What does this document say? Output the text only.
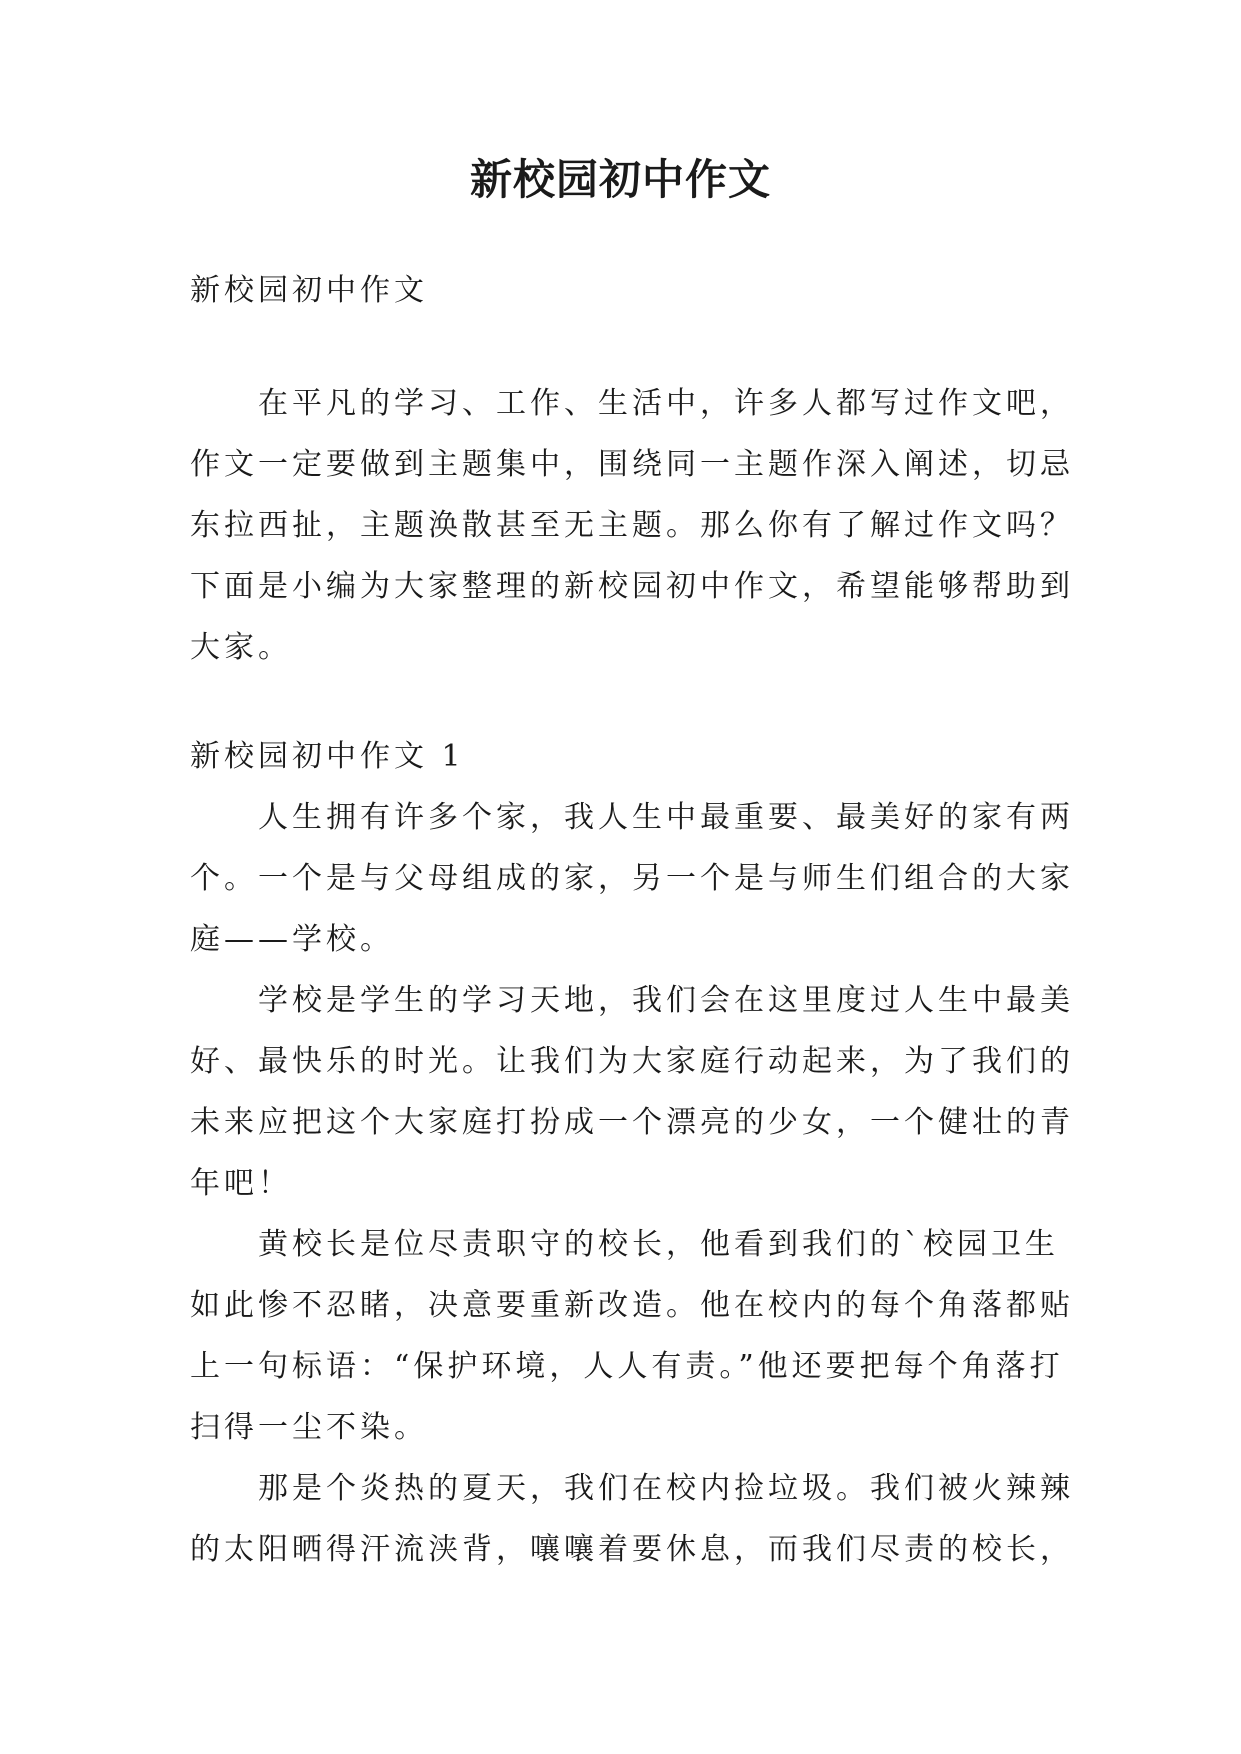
新校园初中作文

新校园初中作文

在平凡的学习、工作、生活中，许多人都写过作文吧，作文一定要做到主题集中，围绕同一主题作深入阐述，切忌东拉西扯，主题涣散甚至无主题。那么你有了解过作文吗？下面是小编为大家整理的新校园初中作文，希望能够帮助到大家。

新校园初中作文 1

人生拥有许多个家，我人生中最重要、最美好的家有两个。一个是与父母组成的家，另一个是与师生们组合的大家庭——学校。

学校是学生的学习天地，我们会在这里度过人生中最美好、最快乐的时光。让我们为大家庭行动起来，为了我们的未来应把这个大家庭打扮成一个漂亮的少女，一个健壮的青年吧！

黄校长是位尽责职守的校长，他看到我们的`校园卫生如此惨不忍睹，决意要重新改造。他在校内的每个角落都贴上一句标语：“保护环境，人人有责。”他还要把每个角落打扫得一尘不染。

那是个炎热的夏天，我们在校内捡垃圾。我们被火辣辣的太阳晒得汗流浃背，嚷嚷着要休息，而我们尽责的校长，
